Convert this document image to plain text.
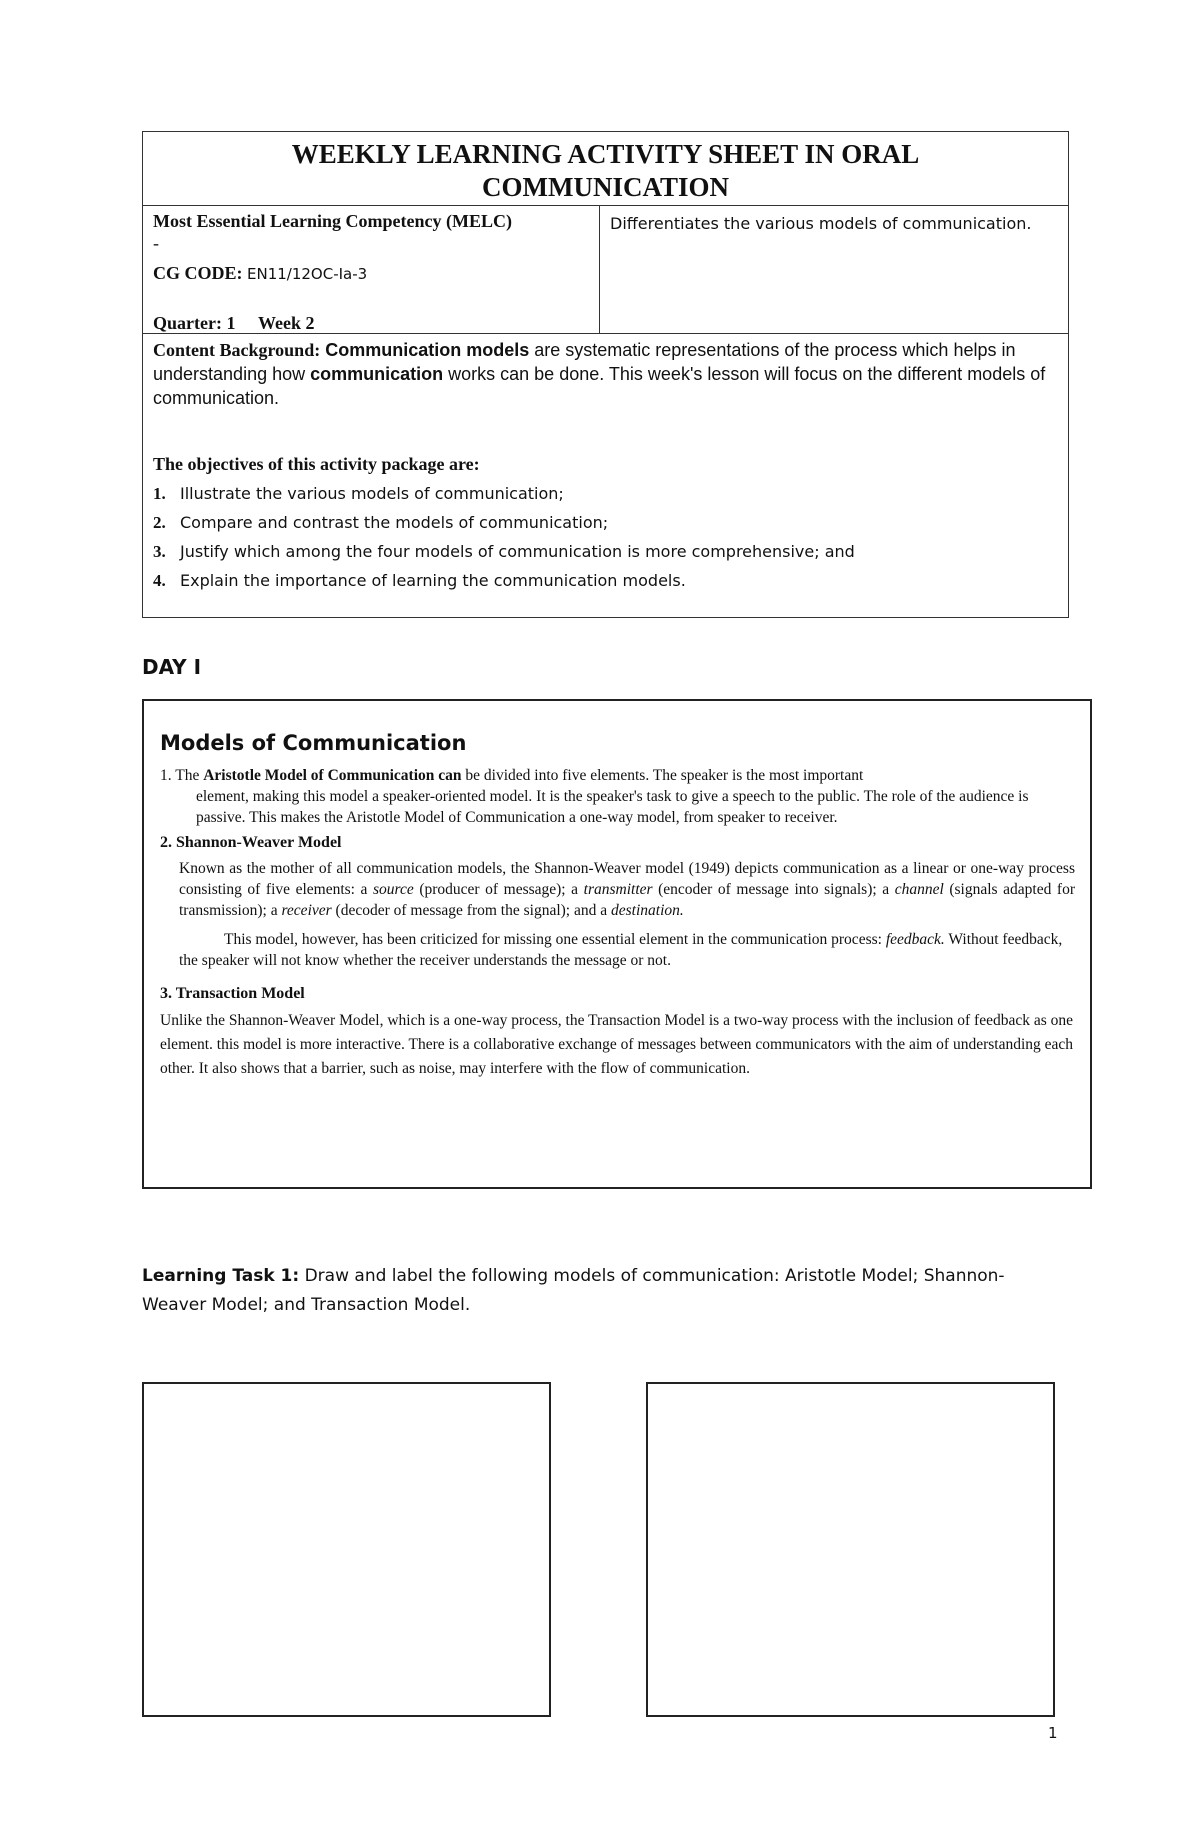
WEEKLY LEARNING ACTIVITY SHEET IN ORAL
COMMUNICATION
Most Essential Learning Competency (MELC)
-
CG CODE: EN11/12OC-Ia-3
Quarter: 1 Week 2
Differentiates the various models of communication.

Content Background: Communication models are systematic representations of the process which helps in understanding how communication works can be done. This week's lesson will focus on the different models of communication.

The objectives of this activity package are:
1. Illustrate the various models of communication;
2. Compare and contrast the models of communication;
3. Justify which among the four models of communication is more comprehensive; and
4. Explain the importance of learning the communication models.
DAY I
Models of Communication

1. The Aristotle Model of Communication can be divided into five elements. The speaker is the most important

element, making this model a speaker-oriented model. It is the speaker's task to give a speech to the public. The role of the audience is passive. This makes the Aristotle Model of Communication a one-way model, from speaker to receiver.

2. Shannon-Weaver Model

Known as the mother of all communication models, the Shannon-Weaver model (1949) depicts communication as a linear or one-way process consisting of five elements: a source (producer of message); a transmitter (encoder of message into signals); a channel (signals adapted for transmission); a receiver (decoder of message from the signal); and a destination.

This model, however, has been criticized for missing one essential element in the communication process: feedback. Without feedback, the speaker will not know whether the receiver understands the message or not.

3. Transaction Model

Unlike the Shannon-Weaver Model, which is a one-way process, the Transaction Model is a two-way process with the inclusion of feedback as one element. this model is more interactive. There is a collaborative exchange of messages between communicators with the aim of understanding each other. It also shows that a barrier, such as noise, may interfere with the flow of communication.

Learning Task 1: Draw and label the following models of communication: Aristotle Model; Shannon-Weaver Model; and Transaction Model.
1
